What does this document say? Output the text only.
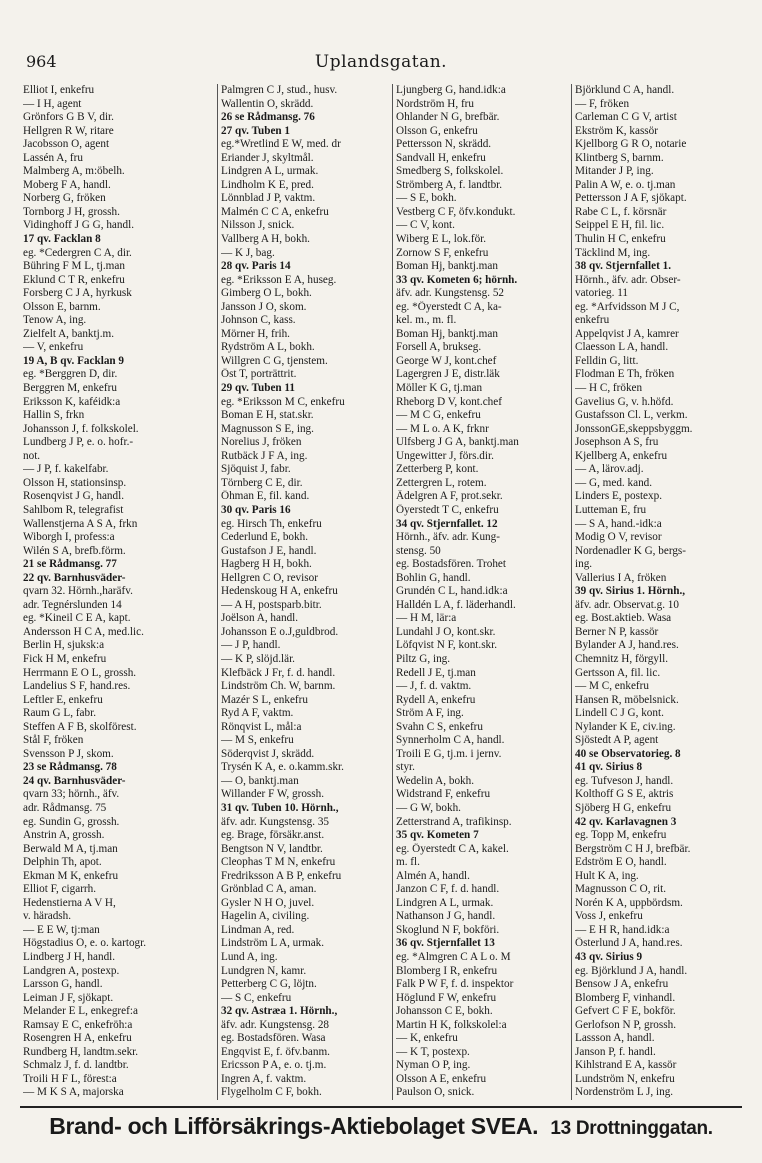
964	Uplandsgatan.
Elliot I, enkefru
— I H, agent
Grönfors G B V, dir.
Hellgren R W, ritare
Jacobsson O, agent
Lassén A, fru
Malmberg A, m:öbelh.
Moberg F A, handl.
Norberg G, fröken
Tornborg J H, grossh.
Vidinghoff J G G, handl.
17 qv. Facklan 8
eg. *Cedergren C A, dir.
Bühring F M L, tj.man
Eklund C T R, enkefru
Forsberg C J A, hyrkusk
Olsson E, barnm.
Tenow A, ing.
Zielfelt A, banktj.m.
— V, enkefru
19 A, B qv. Facklan 9
eg. *Berggren D, dir.
Berggren M, enkefru
Eriksson K, kaféidk:a
Hallin S, frkn
Johansson J, f. folkskolel.
Lundberg J P, e. o. hofr.-
not.
— J P, f. kakelfabr.
Olsson H, stationsinsp.
Rosenqvist J G, handl.
Sahlbom R, telegrafist
Wallenstjerna A S A, frkn
Wiborgh I, profess:a
Wilén S A, brefb.förm.
21 se Rådmansg. 77
22 qv. Barnhusväder-
qvarn 32. Hörnh.,haräfv.
adr. Tegnérslunden 14
eg. *Kineil C E A, kapt.
Andersson H C A, med.lic.
Berlin H, sjuksk:a
Fick H M, enkefru
Herrmann E O L, grossh.
Landelius S F, hand.res.
Leftler E, enkefru
Raum G L, fabr.
Steffen A F B, skolförest.
Stål F, fröken
Svensson P J, skom.
23 se Rådmansg. 78
24 qv. Barnhusväder-
qvarn 33; hörnh., äfv.
adr. Rådmansg. 75
eg. Sundin G, grossh.
Anstrin A, grossh.
Berwald M A, tj.man
Delphin Th, apot.
Ekman M K, enkefru
Elliot F, cigarrh.
Hedenstierna A V H,
v. häradsh.
— E E W, tj:man
Högstadius O, e. o. kartogr.
Lindberg J H, handl.
Landgren A, postexp.
Larsson G, handl.
Leiman J F, sjökapt.
Melander E L, enkegref:a
Ramsay E C, enkefröh:a
Rosengren H A, enkefru
Rundberg H, landtm.sekr.
Schmalz J, f. d. landtbr.
Troili H F L, förest:a
— M K S A, majorska
Palmgren C J, stud., husv.
Wallentin O, skrädd.
26 se Rådmansg. 76
27 qv. Tuben 1
eg.*Wretlind E W, med. dr
Eriander J, skyltmål.
Lindgren A L, urmak.
Lindholm K E, pred.
Lönnblad J P, vaktm.
Malmén C C A, enkefru
Nilsson J, snick.
Vallberg A H, bokh.
— K J, bag.
28 qv. Paris 14
eg. *Eriksson E A, huseg.
Gimberg O L, bokh.
Jansson J O, skom.
Johnson C, kass.
Mörner H, frih.
Rydström A L, bokh.
Willgren C G, tjenstem.
Öst T, porträttrit.
29 qv. Tuben 11
eg. *Eriksson M C, enkefru
Boman E H, stat.skr.
Magnusson S E, ing.
Norelius J, fröken
Rutbäck J F A, ing.
Sjöquist J, fabr.
Törnberg C E, dir.
Öhman E, fil. kand.
30 qv. Paris 16
eg. Hirsch Th, enkefru
Cederlund E, bokh.
Gustafson J E, handl.
Hagberg H H, bokh.
Hellgren C O, revisor
Hedenskoug H A, enkefru
— A H, postsparb.bitr.
Joëlson A, handl.
Johansson E o.J,guldbrod.
— J P, handl.
— K P, slöjd.lär.
Klefbäck J Fr, f. d. handl.
Lindström Ch. W, barnm.
Mazér S L, enkefru
Ryd A F, vaktm.
Rönqvist L, mål:a
— M S, enkefru
Söderqvist J, skrädd.
Trysén K A, e. o.kamm.skr.
— O, banktj.man
Willander F W, grossh.
31 qv. Tuben 10. Hörnh.,
äfv. adr. Kungstensg. 35
eg. Brage, försäkr.anst.
Bengtson N V, landtbr.
Cleophas T M N, enkefru
Fredriksson A B P, enkefru
Grönblad C A, aman.
Gysler N H O, juvel.
Hagelin A, civiling.
Lindman A, red.
Lindström L A, urmak.
Lund A, ing.
Lundgren N, kamr.
Petterberg C G, löjtn.
— S C, enkefru
32 qv. Astræa 1. Hörnh.,
äfv. adr. Kungstensg. 28
eg. Bostadsfören. Wasa
Engqvist E, f. öfv.banm.
Ericsson P A, e. o. tj.m.
Ingren A, f. vaktm.
Flygelholm C F, bokh.
Ljungberg G, hand.idk:a
Nordström H, fru
Ohlander N G, brefbär.
Olsson G, enkefru
Pettersson N, skrädd.
Sandvall H, enkefru
Smedberg S, folkskolel.
Strömberg A, f. landtbr.
— S E, bokh.
Vestberg C F, öfv.kondukt.
— C V, kont.
Wiberg E L, lok.för.
Zornow S F, enkefru
Boman Hj, banktj.man
33 qv. Kometen 6; hörnh.
äfv. adr. Kungstensg. 52
eg. *Öyerstedt C A, ka-
kel. m., m. fl.
Boman Hj, banktj.man
Forsell A, brukseg.
George W J, kont.chef
Lagergren J E, distr.läk
Möller K G, tj.man
Rheborg D V, kont.chef
— M C G, enkefru
— M L o. A K, frknr
Ulfsberg J G A, banktj.man
Ungewitter J, förs.dir.
Zetterberg P, kont.
Zettergren L, rotem.
Ädelgren A F, prot.sekr.
Öyerstedt T C, enkefru
34 qv. Stjernfallet. 12
Hörnh., äfv. adr. Kung-
stensg. 50
eg. Bostadsfören. Trohet
Bohlin G, handl.
Grundén C L, hand.idk:a
Halldén L A, f. läderhandl.
— H M, lär:a
Lundahl J O, kont.skr.
Löfqvist N F, kont.skr.
Piltz G, ing.
Redell J E, tj.man
— J, f. d. vaktm.
Rydell A, enkefru
Ström A F, ing.
Svahn C S, enkefru
Synnerholm C A, handl.
Troili E G, tj.m. i jernv.
styr.
Wedelin A, bokh.
Widstrand F, enkefru
— G W, bokh.
Zetterstrand A, trafikinsp.
35 qv. Kometen 7
eg. Öyerstedt C A, kakel.
m. fl.
Almén A, handl.
Janzon C F, f. d. handl.
Lindgren A L, urmak.
Nathanson J G, handl.
Skoglund N F, bokföri.
36 qv. Stjernfallet 13
eg. *Almgren C A L o. M
Blomberg I R, enkefru
Falk P W F, f. d. inspektor
Höglund F W, enkefru
Johansson C E, bokh.
Martin H K, folkskolel:a
— K, enkefru
— K T, postexp.
Nyman O P, ing.
Olsson A E, enkefru
Paulson O, snick.
Björklund C A, handl.
— F, fröken
Carleman C G V, artist
Ekström K, kassör
Kjellborg G R O, notarie
Klintberg S, barnm.
Mitander J P, ing.
Palin A W, e. o. tj.man
Pettersson J A F, sjökapt.
Rabe C L, f. körsnär
Seippel E H, fil. lic.
Thulin H C, enkefru
Täcklind M, ing.
38 qv. Stjernfallet 1.
Hörnh., äfv. adr. Obser-
vatorieg. 11
eg. *Arfvidsson M J C,
enkefru
Appelqvist J A, kamrer
Claesson L A, handl.
Felldin G, litt.
Flodman E Th, fröken
— H C, fröken
Gavelius G, v. h.höfd.
Gustafsson Cl. L, verkm.
JonssonGE,skeppsbyggm.
Josephson A S, fru
Kjellberg A, enkefru
— A, lärov.adj.
— G, med. kand.
Linders E, postexp.
Lutteman E, fru
— S A, hand.-idk:a
Modig O V, revisor
Nordenadler K G, bergs-
ing.
Vallerius I A, fröken
39 qv. Sirius 1. Hörnh.,
äfv. adr. Observat.g. 10
eg. Bost.aktieb. Wasa
Berner N P, kassör
Bylander A J, hand.res.
Chemnitz H, förgyll.
Gertsson A, fil. lic.
— M C, enkefru
Hansen R, möbelsnick.
Lindell C J G, kont.
Nylander K E, civ.ing.
Sjöstedt A P, agent
40 se Observatorieg. 8
41 qv. Sirius 8
eg. Tufveson J, handl.
Kolthoff G S E, aktris
Sjöberg H G, enkefru
42 qv. Karlavagnen 3
eg. Topp M, enkefru
Bergström C H J, brefbär.
Edström E O, handl.
Hult K A, ing.
Magnusson C O, rit.
Norén K A, uppbördsm.
Voss J, enkefru
— E H R, hand.idk:a
Österlund J A, hand.res.
43 qv. Sirius 9
eg. Björklund J A, handl.
Bensow J A, enkefru
Blomberg F, vinhandl.
Gefvert C F E, bokför.
Gerlofson N P, grossh.
Lassson A, handl.
Janson P, f. handl.
Kihlstrand E A, kassör
Lundström N, enkefru
Nordenström L J, ing.
Brand- och Lifförsäkrings-Aktiebolaget SVEA. 13 Drottninggatan.
